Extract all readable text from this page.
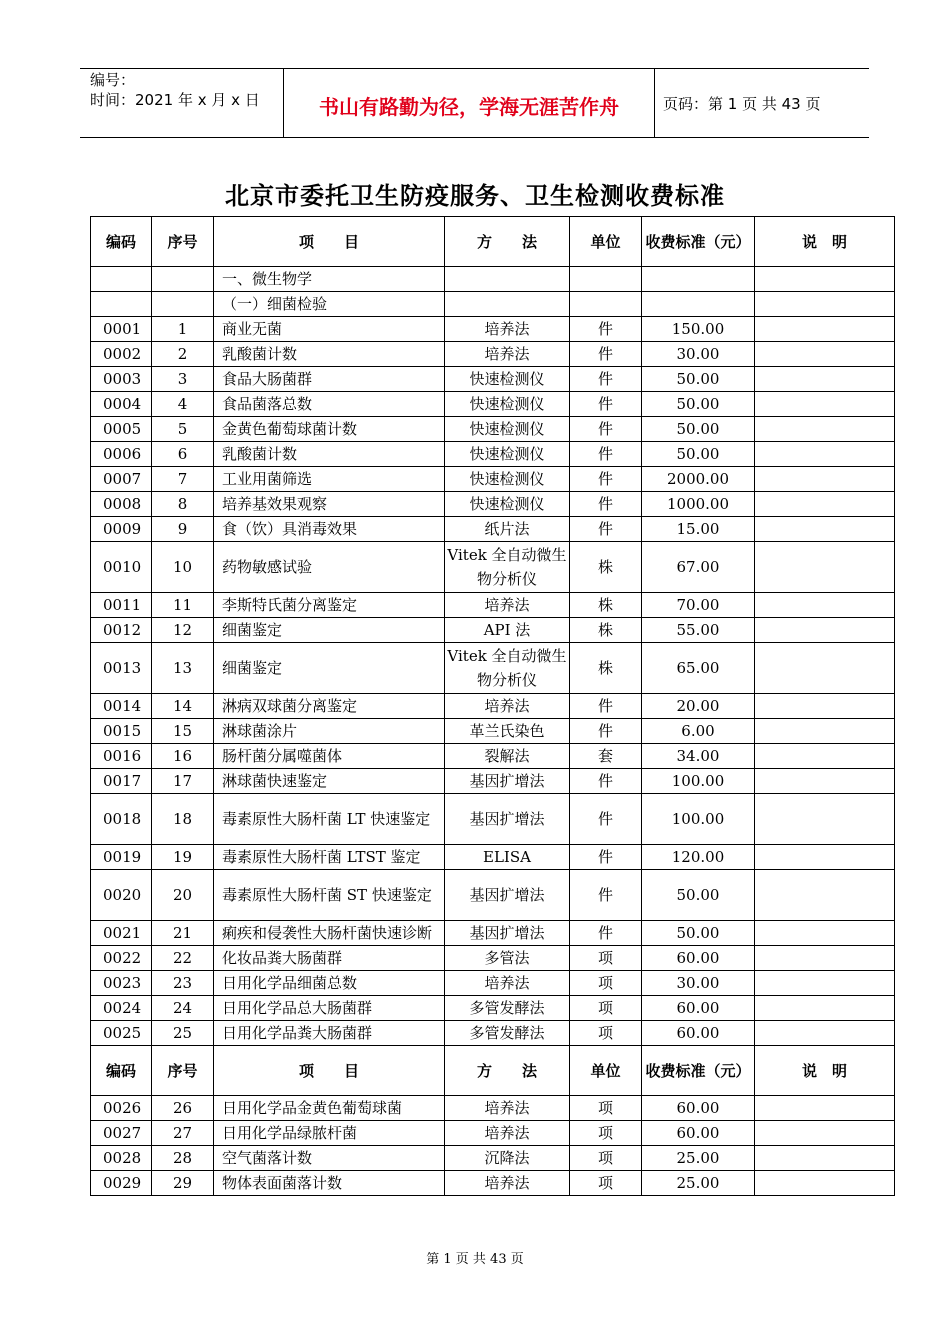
编号：
时间：2021 年 x 月 x 日	书山有路勤为径，学海无涯苦作舟	页码：第 1 页 共 43 页
北京市委托卫生防疫服务、卫生检测收费标准
编码	序号	项　　目	方　　法	单位	收费标准（元）	说　明
		一、微生物学				
		（一）细菌检验				
0001	1	商业无菌	培养法	件	150.00	
0002	2	乳酸菌计数	培养法	件	30.00	
0003	3	食品大肠菌群	快速检测仪	件	50.00	
0004	4	食品菌落总数	快速检测仪	件	50.00	
0005	5	金黄色葡萄球菌计数	快速检测仪	件	50.00	
0006	6	乳酸菌计数	快速检测仪	件	50.00	
0007	7	工业用菌筛选	快速检测仪	件	2000.00	
0008	8	培养基效果观察	快速检测仪	件	1000.00	
0009	9	食（饮）具消毒效果	纸片法	件	15.00	
0010	10	药物敏感试验	Vitek 全自动微生物分析仪	株	67.00	
0011	11	李斯特氏菌分离鉴定	培养法	株	70.00	
0012	12	细菌鉴定	API 法	株	55.00	
0013	13	细菌鉴定	Vitek 全自动微生物分析仪	株	65.00	
0014	14	淋病双球菌分离鉴定	培养法	件	20.00	
0015	15	淋球菌涂片	革兰氏染色	件	6.00	
0016	16	肠杆菌分属噬菌体	裂解法	套	34.00	
0017	17	淋球菌快速鉴定	基因扩增法	件	100.00	
0018	18	毒素原性大肠杆菌 LT 快速鉴定	基因扩增法	件	100.00	
0019	19	毒素原性大肠杆菌 LTST 鉴定	ELISA	件	120.00	
0020	20	毒素原性大肠杆菌 ST 快速鉴定	基因扩增法	件	50.00	
0021	21	痢疾和侵袭性大肠杆菌快速诊断	基因扩增法	件	50.00	
0022	22	化妆品粪大肠菌群	多管法	项	60.00	
0023	23	日用化学品细菌总数	培养法	项	30.00	
0024	24	日用化学品总大肠菌群	多管发酵法	项	60.00	
0025	25	日用化学品粪大肠菌群	多管发酵法	项	60.00	
编码	序号	项　　目	方　　法	单位	收费标准（元）	说　明
0026	26	日用化学品金黄色葡萄球菌	培养法	项	60.00	
0027	27	日用化学品绿脓杆菌	培养法	项	60.00	
0028	28	空气菌落计数	沉降法	项	25.00	
0029	29	物体表面菌落计数	培养法	项	25.00	
第 1 页 共 43 页
